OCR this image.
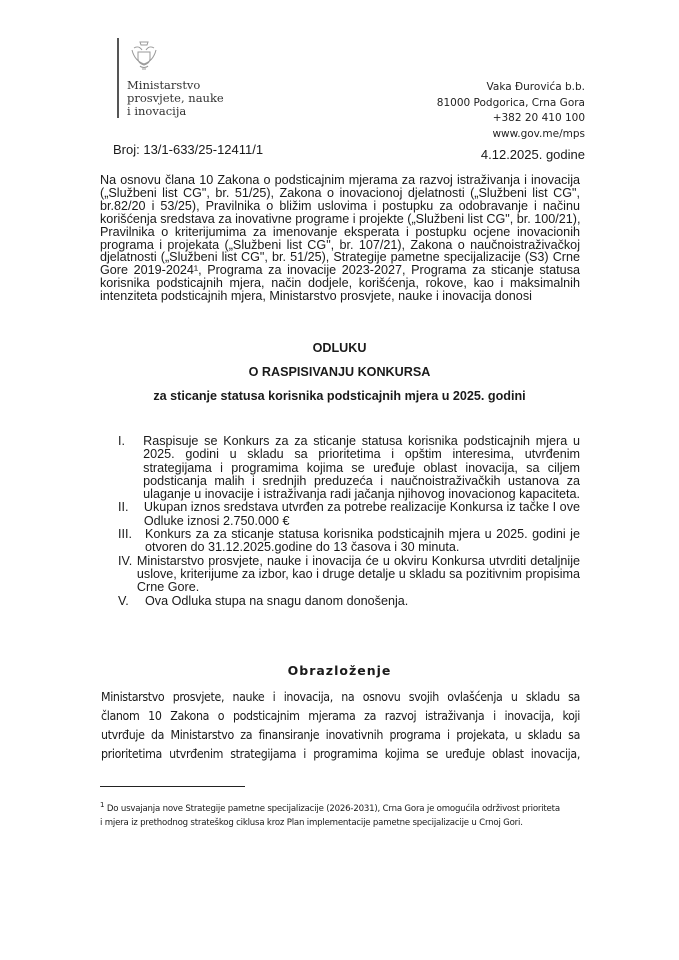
Ministarstvo
prosvjete, nauke
i inovacija
Vaka Đurovića b.b.
81000 Podgorica, Crna Gora
+382 20 410 100
www.gov.me/mps
Broj: 13/1-633/25-12411/1	4.12.2025. godine
Na osnovu člana 10 Zakona o podsticajnim mjerama za razvoj istraživanja i inovacija
(„Službeni list CG", br. 51/25), Zakona o inovacionoj djelatnosti („Službeni list CG",
br.82/20 i 53/25), Pravilnika o bližim uslovima i postupku za odobravanje i načinu
korišćenja sredstava za inovativne programe i projekte („Službeni list CG", br. 100/21),
Pravilnika o kriterijumima za imenovanje eksperata i postupku ocjene inovacionih
programa i projekata („Službeni list CG", br. 107/21), Zakona o naučnoistraživačkoj
djelatnosti („Službeni list CG", br. 51/25), Strategije pametne specijalizacije (S3) Crne
Gore 2019-2024¹, Programa za inovacije 2023-2027, Programa za sticanje statusa
korisnika podsticajnih mjera, način dodjele, korišćenja, rokove, kao i maksimalnih
intenziteta podsticajnih mjera, Ministarstvo prosvjete, nauke i inovacija donosi
ODLUKU
O RASPISIVANJU KONKURSA
za sticanje statusa korisnika podsticajnih mjera u 2025. godini
I.	Raspisuje se Konkurs za za sticanje statusa korisnika podsticajnih mjera u
2025. godini u skladu sa prioritetima i opštim interesima, utvrđenim
strategijama i programima kojima se uređuje oblast inovacija, sa ciljem
podsticanja malih i srednjih preduzeća i naučnoistraživačkih ustanova za
ulaganje u inovacije i istraživanja radi jačanja njihovog inovacionog kapaciteta.
II.	Ukupan iznos sredstava utvrđen za potrebe realizacije Konkursa iz tačke I ove
Odluke iznosi 2.750.000 €
III.	Konkurs za za sticanje statusa korisnika podsticajnih mjera u 2025. godini je
otvoren do 31.12.2025.godine do 13 časova i 30 minuta.
IV. Ministarstvo prosvjete, nauke i inovacija će u okviru Konkursa utvrditi detaljnije
uslove, kriterijume za izbor, kao i druge detalje u skladu sa pozitivnim propisima
Crne Gore.
V.	Ova Odluka stupa na snagu danom donošenja.
Obrazloženje
Ministarstvo prosvjete, nauke i inovacija, na osnovu svojih ovlašćenja u skladu sa
članom 10 Zakona o podsticajnim mjerama za razvoj istraživanja i inovacija, koji
utvrđuje da Ministarstvo za finansiranje inovativnih programa i projekata, u skladu sa
prioritetima utvrđenim strategijama i programima kojima se uređuje oblast inovacija,
$^1$ Do usvajanja nove Strategije pametne specijalizacije (2026-2031), Crna Gora je omogućila održivost prioriteta
i mjera iz prethodnog strateškog ciklusa kroz Plan implementacije pametne specijalizacije u Crnoj Gori.
